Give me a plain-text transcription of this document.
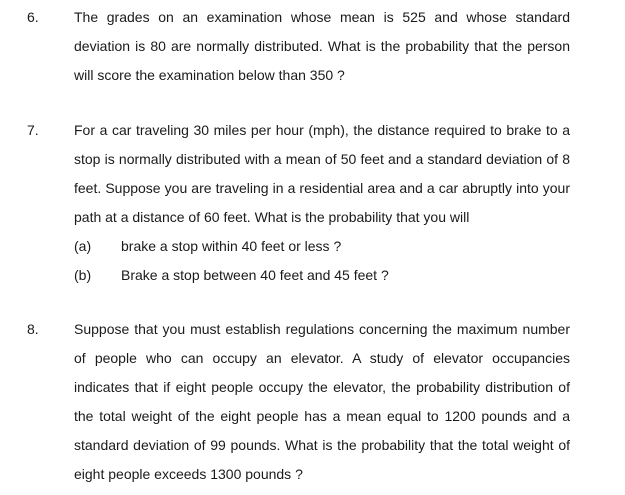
6.	The grades on an examination whose mean is 525 and whose standard deviation is 80 are normally distributed. What is the probability that the person will score the examination below than 350 ?
7.	For a car traveling 30 miles per hour (mph), the distance required to brake to a stop is normally distributed with a mean of 50 feet and a standard deviation of 8 feet. Suppose you are traveling in a residential area and a car abruptly into your path at a distance of 60 feet. What is the probability that you will
(a) brake a stop within 40 feet or less ?
(b) Brake a stop between 40 feet and 45 feet ?
8.	Suppose that you must establish regulations concerning the maximum number of people who can occupy an elevator. A study of elevator occupancies indicates that if eight people occupy the elevator, the probability distribution of the total weight of the eight people has a mean equal to 1200 pounds and a standard deviation of 99 pounds. What is the probability that the total weight of eight people exceeds 1300 pounds ?
